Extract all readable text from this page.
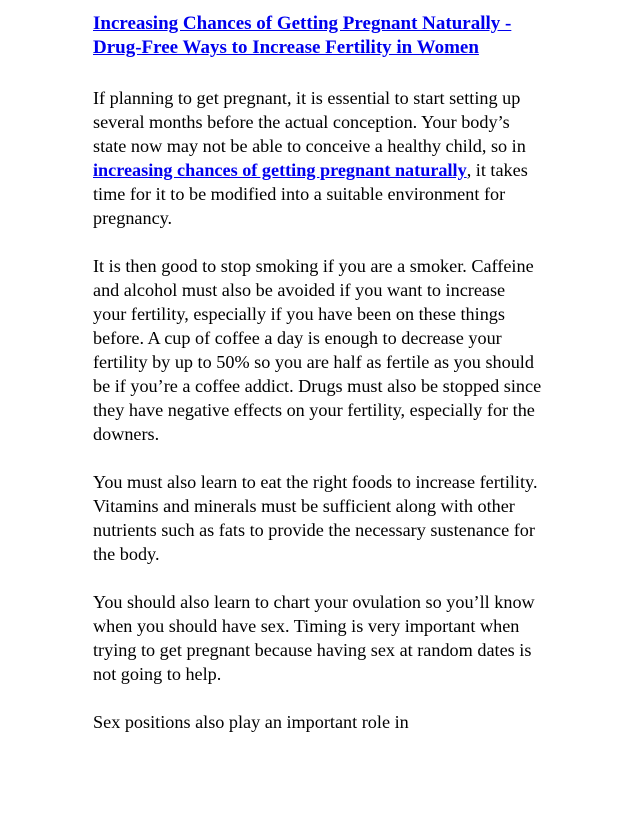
Increasing Chances of Getting Pregnant Naturally - Drug-Free Ways to Increase Fertility in Women

If planning to get pregnant, it is essential to start setting up several months before the actual conception. Your body’s state now may not be able to conceive a healthy child, so in increasing chances of getting pregnant naturally, it takes time for it to be modified into a suitable environment for pregnancy.

It is then good to stop smoking if you are a smoker. Caffeine and alcohol must also be avoided if you want to increase your fertility, especially if you have been on these things before. A cup of coffee a day is enough to decrease your fertility by up to 50% so you are half as fertile as you should be if you’re a coffee addict. Drugs must also be stopped since they have negative effects on your fertility, especially for the downers.

You must also learn to eat the right foods to increase fertility. Vitamins and minerals must be sufficient along with other nutrients such as fats to provide the necessary sustenance for the body.

You should also learn to chart your ovulation so you’ll know when you should have sex. Timing is very important when trying to get pregnant because having sex at random dates is not going to help.

Sex positions also play an important role in
